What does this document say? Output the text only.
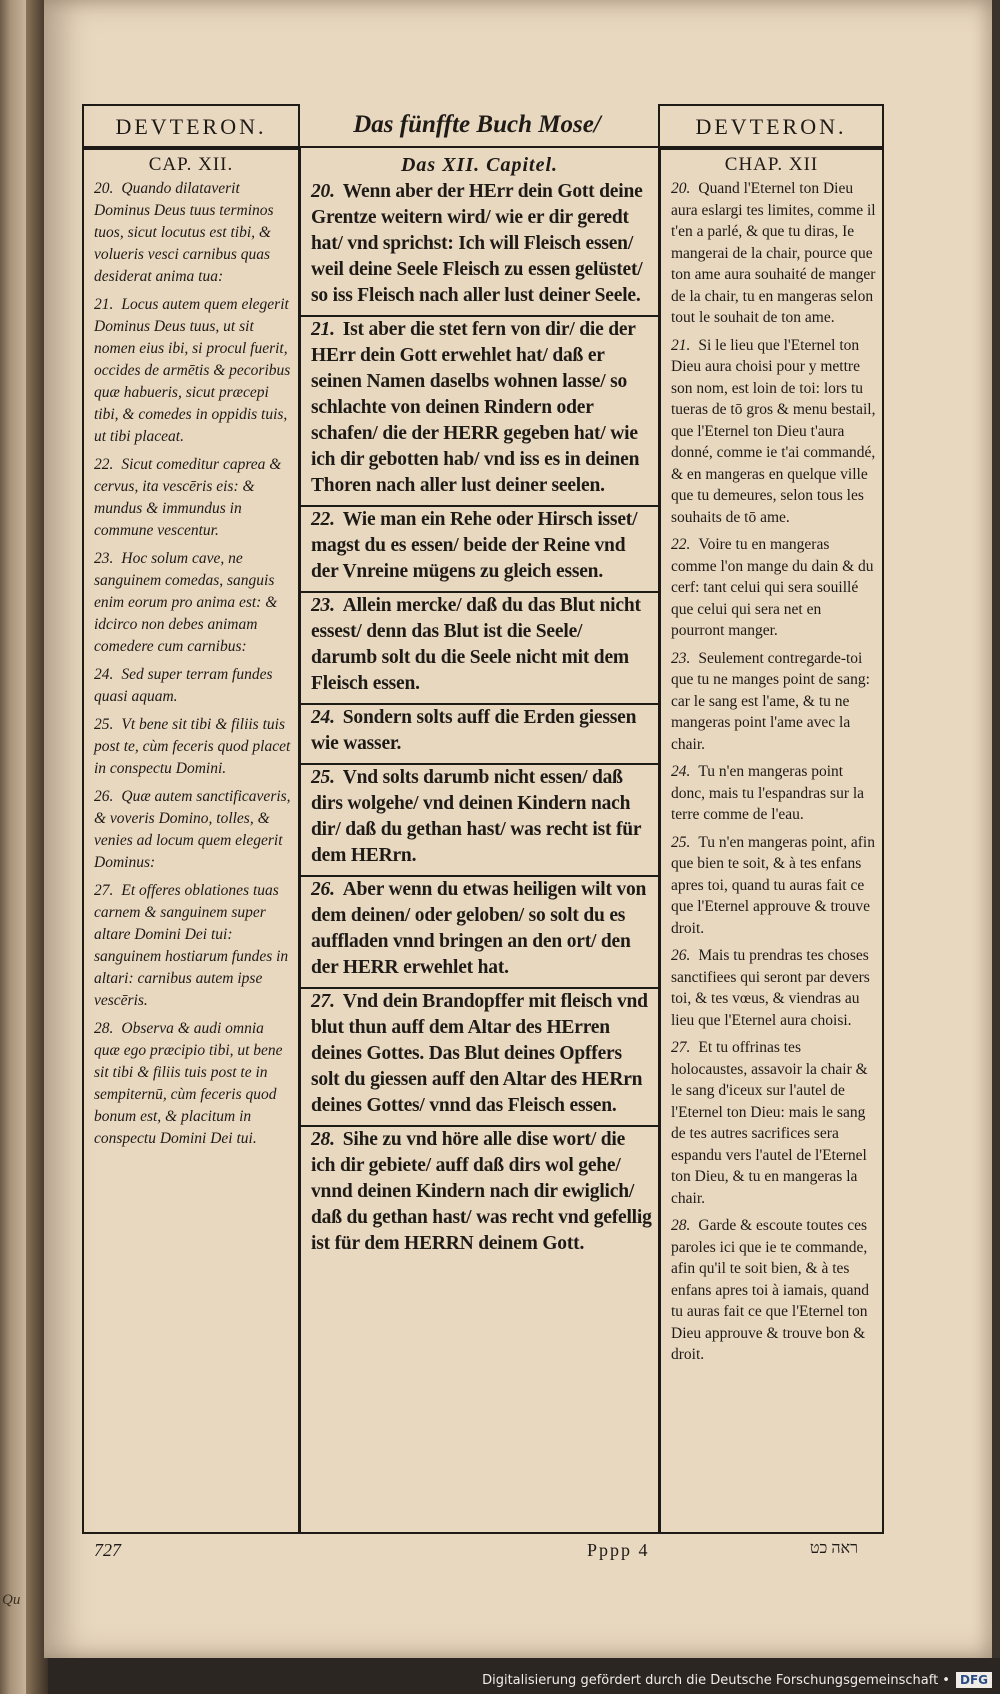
Qu
DEVTERON.	Das fünffte Buch Mose/	DEVTERON.
CAP. XII.
20. Quando dilataverit Dominus Deus tuus terminos tuos, sicut locutus est tibi, & volueris vesci carnibus quas desiderat anima tua:
21. Locus autem quem elegerit Dominus Deus tuus, ut sit nomen eius ibi, si procul fuerit, occides de armētis & pecoribus quæ habueris, sicut præcepi tibi, & comedes in oppidis tuis, ut tibi placeat.
22. Sicut comeditur caprea & cervus, ita vescēris eis: & mundus & immundus in commune vescentur.
23. Hoc solum cave, ne sanguinem comedas, sanguis enim eorum pro anima est: & idcirco non debes animam comedere cum carnibus:
24. Sed super terram fundes quasi aquam.
25. Vt bene sit tibi & filiis tuis post te, cùm feceris quod placet in conspectu Domini.
26. Quæ autem sanctificaveris, & voveris Domino, tolles, & venies ad locum quem elegerit Dominus:
27. Et offeres oblationes tuas carnem & sanguinem super altare Domini Dei tui: sanguinem hostiarum fundes in altari: carnibus autem ipse vescēris.
28. Observa & audi omnia quæ ego præcipio tibi, ut bene sit tibi & filiis tuis post te in sempiternū, cùm feceris quod bonum est, & placitum in conspectu Domini Dei tui.
Das XII. Capitel.
20. Wenn aber der HErr dein Gott deine Grentze weitern wird/ wie er dir geredt hat/ vnd sprichst: Ich will Fleisch essen/ weil deine Seele Fleisch zu essen gelüstet/ so iss Fleisch nach aller lust deiner Seele.
21. Ist aber die stet fern von dir/ die der HErr dein Gott erwehlet hat/ daß er seinen Namen daselbs wohnen lasse/ so schlachte von deinen Rindern oder schafen/ die der HERR gegeben hat/ wie ich dir gebotten hab/ vnd iss es in deinen Thoren nach aller lust deiner seelen.
22. Wie man ein Rehe oder Hirsch isset/ magst du es essen/ beide der Reine vnd der Vnreine mügens zu gleich essen.
23. Allein mercke/ daß du das Blut nicht essest/ denn das Blut ist die Seele/ darumb solt du die Seele nicht mit dem Fleisch essen.
24. Sondern solts auff die Erden giessen wie wasser.
25. Vnd solts darumb nicht essen/ daß dirs wolgehe/ vnd deinen Kindern nach dir/ daß du gethan hast/ was recht ist für dem HERrn.
26. Aber wenn du etwas heiligen wilt von dem deinen/ oder geloben/ so solt du es auffladen vnnd bringen an den ort/ den der HERR erwehlet hat.
27. Vnd dein Brandopffer mit fleisch vnd blut thun auff dem Altar des HErren deines Gottes. Das Blut deines Opffers solt du giessen auff den Altar des HERrn deines Gottes/ vnnd das Fleisch essen.
28. Sihe zu vnd höre alle dise wort/ die ich dir gebiete/ auff daß dirs wol gehe/ vnnd deinen Kindern nach dir ewiglich/ daß du gethan hast/ was recht vnd gefellig ist für dem HERRN deinem Gott.
CHAP. XII
20. Quand l'Eternel ton Dieu aura eslargi tes limites, comme il t'en a parlé, & que tu diras, Ie mangerai de la chair, pource que ton ame aura souhaité de manger de la chair, tu en mangeras selon tout le souhait de ton ame.
21. Si le lieu que l'Eternel ton Dieu aura choisi pour y mettre son nom, est loin de toi: lors tu tueras de tō gros & menu bestail, que l'Eternel ton Dieu t'aura donné, comme ie t'ai commandé, & en mangeras en quelque ville que tu demeures, selon tous les souhaits de tō ame.
22. Voire tu en mangeras comme l'on mange du dain & du cerf: tant celui qui sera souillé que celui qui sera net en pourront manger.
23. Seulement contregarde-toi que tu ne manges point de sang: car le sang est l'ame, & tu ne mangeras point l'ame avec la chair.
24. Tu n'en mangeras point donc, mais tu l'espandras sur la terre comme de l'eau.
25. Tu n'en mangeras point, afin que bien te soit, & à tes enfans apres toi, quand tu auras fait ce que l'Eternel approuve & trouve droit.
26. Mais tu prendras tes choses sanctifiees qui seront par devers toi, & tes vœus, & viendras au lieu que l'Eternel aura choisi.
27. Et tu offrinas tes holocaustes, assavoir la chair & le sang d'iceux sur l'autel de l'Eternel ton Dieu: mais le sang de tes autres sacrifices sera espandu vers l'autel de l'Eternel ton Dieu, & tu en mangeras la chair.
28. Garde & escoute toutes ces paroles ici que ie te commande, afin qu'il te soit bien, & à tes enfans apres toi à iamais, quand tu auras fait ce que l'Eternel ton Dieu approuve & trouve bon & droit.
727	Pppp 4	ראה כט
Digitalisierung gefördert durch die Deutsche Forschungsgemeinschaft • DFG
